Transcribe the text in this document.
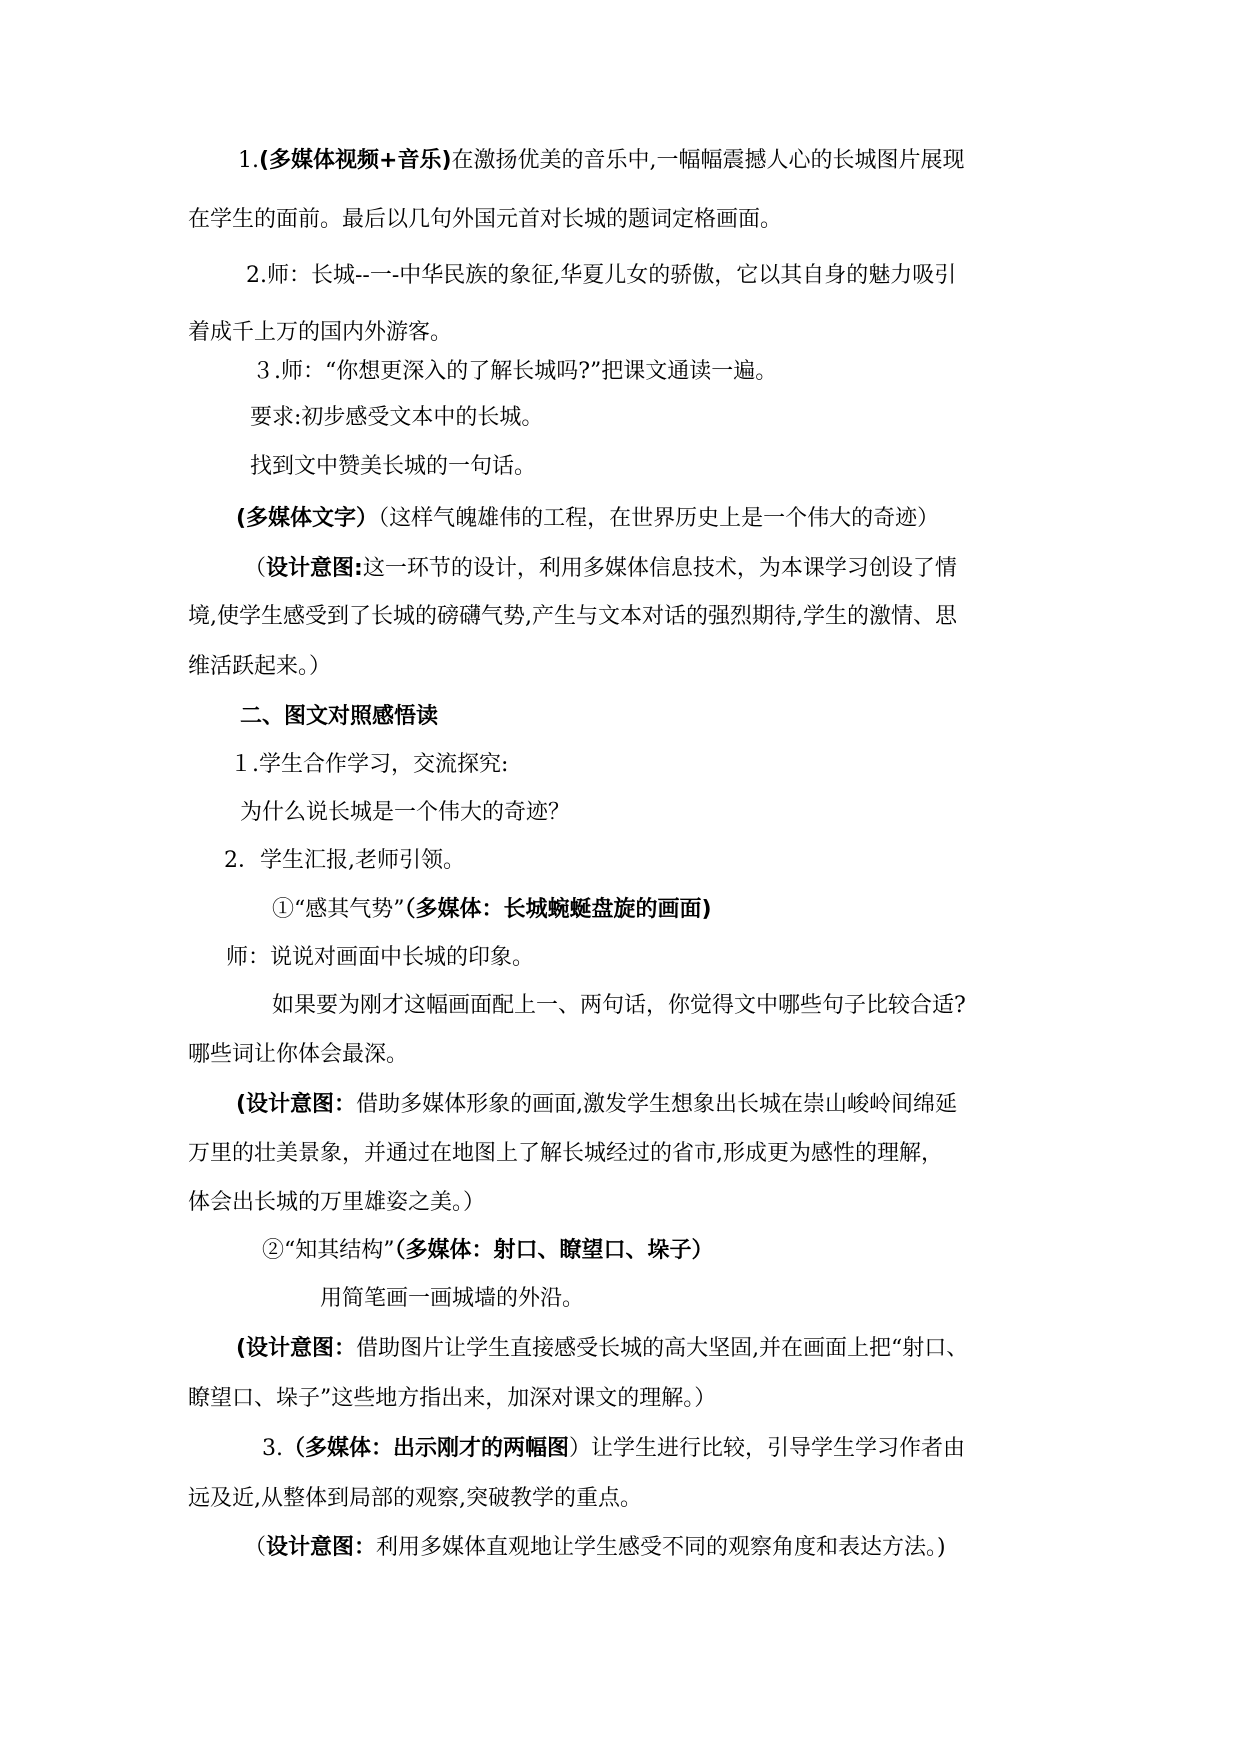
1.(多媒体视频+音乐)在激扬优美的音乐中,一幅幅震撼人心的长城图片展现
在学生的面前。最后以几句外国元首对长城的题词定格画面。
2.师：长城--一-中华民族的象征,华夏儿女的骄傲，它以其自身的魅力吸引
着成千上万的国内外游客。
３.师：“你想更深入的了解长城吗?”把课文通读一遍。
要求:初步感受文本中的长城。
找到文中赞美长城的一句话。
(多媒体文字）（这样气魄雄伟的工程，在世界历史上是一个伟大的奇迹）
（设计意图:这一环节的设计，利用多媒体信息技术，为本课学习创设了情
境,使学生感受到了长城的磅礴气势,产生与文本对话的强烈期待,学生的激情、思
维活跃起来。）
二、图文对照感悟读
１.学生合作学习，交流探究:
为什么说长城是一个伟大的奇迹？
2．学生汇报,老师引领。
①“感其气势”（多媒体：长城蜿蜒盘旋的画面)
师：说说对画面中长城的印象。
如果要为刚才这幅画面配上一、两句话，你觉得文中哪些句子比较合适?
哪些词让你体会最深。
(设计意图：借助多媒体形象的画面,激发学生想象出长城在崇山峻岭间绵延
万里的壮美景象，并通过在地图上了解长城经过的省市,形成更为感性的理解，
体会出长城的万里雄姿之美。）
②“知其结构”（多媒体：射口、瞭望口、垛子）
用简笔画一画城墙的外沿。
(设计意图：借助图片让学生直接感受长城的高大坚固,并在画面上把“射口、
瞭望口、垛子”这些地方指出来，加深对课文的理解。）
3.（多媒体：出示刚才的两幅图）让学生进行比较，引导学生学习作者由
远及近,从整体到局部的观察,突破教学的重点。
（设计意图：利用多媒体直观地让学生感受不同的观察角度和表达方法。)
